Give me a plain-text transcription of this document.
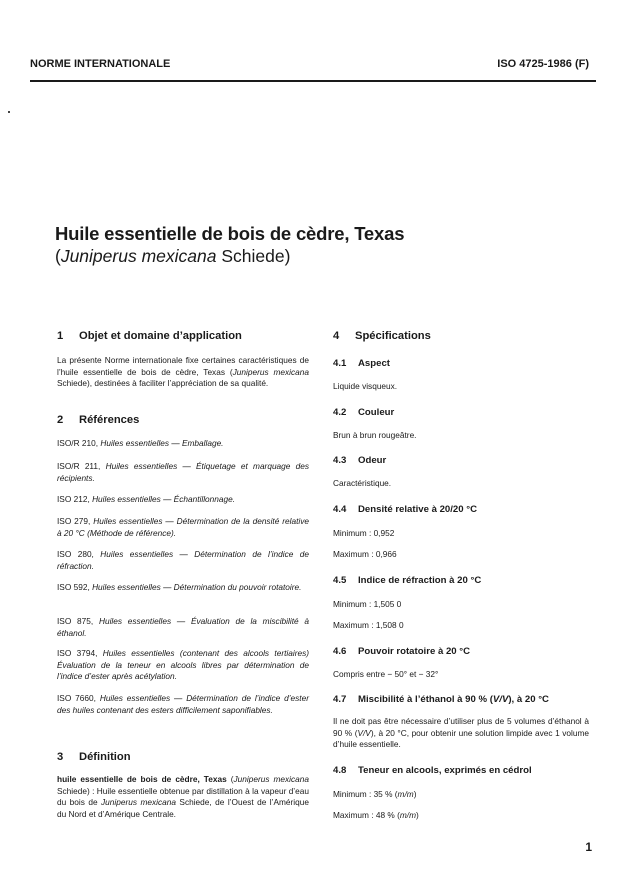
NORME INTERNATIONALE	ISO 4725-1986 (F)
Huile essentielle de bois de cèdre, Texas
(Juniperus mexicana Schiede)
1 Objet et domaine d’application
La présente Norme internationale fixe certaines caractéristiques de l’huile essentielle de bois de cèdre, Texas (Juniperus mexicana Schiede), destinées à faciliter l’appréciation de sa qualité.
2 Références
ISO/R 210, Huiles essentielles — Emballage.
ISO/R 211, Huiles essentielles — Étiquetage et marquage des récipients.
ISO 212, Huiles essentielles — Échantillonnage.
ISO 279, Huiles essentielles — Détermination de la densité relative à 20 °C (Méthode de référence).
ISO 280, Huiles essentielles — Détermination de l’indice de réfraction.
ISO 592, Huiles essentielles — Détermination du pouvoir rotatoire.
ISO 875, Huiles essentielles — Évaluation de la miscibilité à éthanol.
ISO 3794, Huiles essentielles (contenant des alcools tertiaires) Évaluation de la teneur en alcools libres par détermination de l’indice d’ester après acétylation.
ISO 7660, Huiles essentielles — Détermination de l’indice d’ester des huiles contenant des esters difficilement saponifiables.
3 Définition
huile essentielle de bois de cèdre, Texas (Juniperus mexicana Schiede) : Huile essentielle obtenue par distillation à la vapeur d’eau du bois de Juniperus mexicana Schiede, de l’Ouest de l’Amérique du Nord et d’Amérique Centrale.
4 Spécifications
4.1 Aspect
Liquide visqueux.
4.2 Couleur
Brun à brun rougeâtre.
4.3 Odeur
Caractéristique.
4.4 Densité relative à 20/20 °C
Minimum : 0,952
Maximum : 0,966
4.5 Indice de réfraction à 20 °C
Minimum : 1,505 0
Maximum : 1,508 0
4.6 Pouvoir rotatoire à 20 °C
Compris entre − 50° et − 32°
4.7 Miscibilité à l’éthanol à 90 % (V/V), à 20 °C
Il ne doit pas être nécessaire d’utiliser plus de 5 volumes d’éthanol à 90 % (V/V), à 20 °C, pour obtenir une solution limpide avec 1 volume d’huile essentielle.
4.8 Teneur en alcools, exprimés en cédrol
Minimum : 35 % (m/m)
Maximum : 48 % (m/m)
1
